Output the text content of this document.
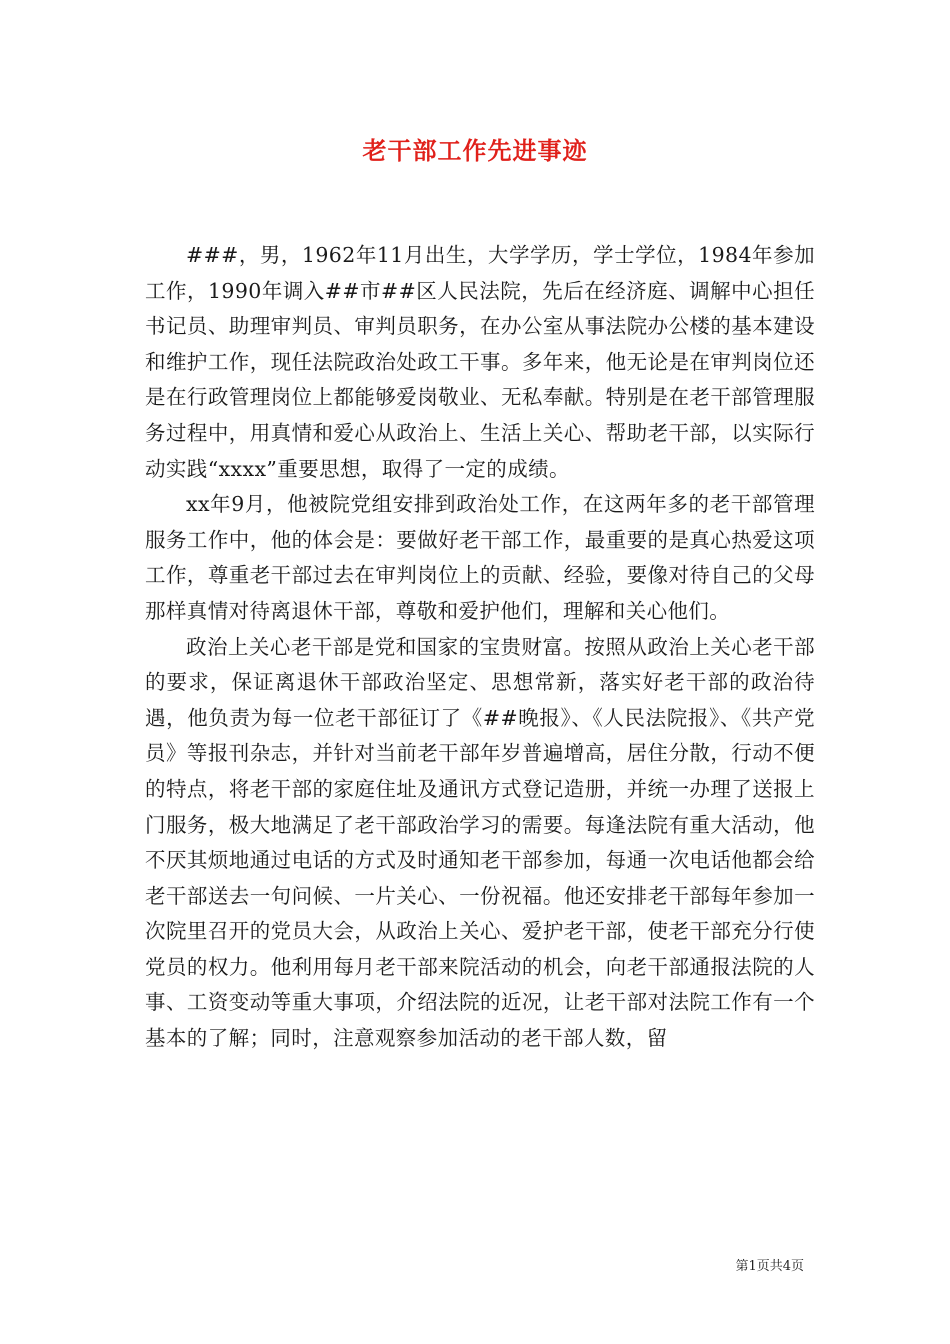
老干部工作先进事迹

###，男，1962年11月出生，大学学历，学士学位，1984年参加工作，1990年调入##市##区人民法院，先后在经济庭、调解中心担任书记员、助理审判员、审判员职务，在办公室从事法院办公楼的基本建设和维护工作，现任法院政治处政工干事。多年来，他无论是在审判岗位还是在行政管理岗位上都能够爱岗敬业、无私奉献。特别是在老干部管理服务过程中，用真情和爱心从政治上、生活上关心、帮助老干部，以实际行动实践“xxxx”重要思想，取得了一定的成绩。

xx年9月，他被院党组安排到政治处工作，在这两年多的老干部管理服务工作中，他的体会是：要做好老干部工作，最重要的是真心热爱这项工作，尊重老干部过去在审判岗位上的贡献、经验，要像对待自己的父母那样真情对待离退休干部，尊敬和爱护他们，理解和关心他们。

政治上关心老干部是党和国家的宝贵财富。按照从政治上关心老干部的要求，保证离退休干部政治坚定、思想常新，落实好老干部的政治待遇，他负责为每一位老干部征订了《##晚报》、《人民法院报》、《共产党员》等报刊杂志，并针对当前老干部年岁普遍增高，居住分散，行动不便的特点，将老干部的家庭住址及通讯方式登记造册，并统一办理了送报上门服务，极大地满足了老干部政治学习的需要。每逢法院有重大活动，他不厌其烦地通过电话的方式及时通知老干部参加，每通一次电话他都会给老干部送去一句问候、一片关心、一份祝福。他还安排老干部每年参加一次院里召开的党员大会，从政治上关心、爱护老干部，使老干部充分行使党员的权力。他利用每月老干部来院活动的机会，向老干部通报法院的人事、工资变动等重大事项，介绍法院的近况，让老干部对法院工作有一个基本的了解；同时，注意观察参加活动的老干部人数，留

第1页共4页
